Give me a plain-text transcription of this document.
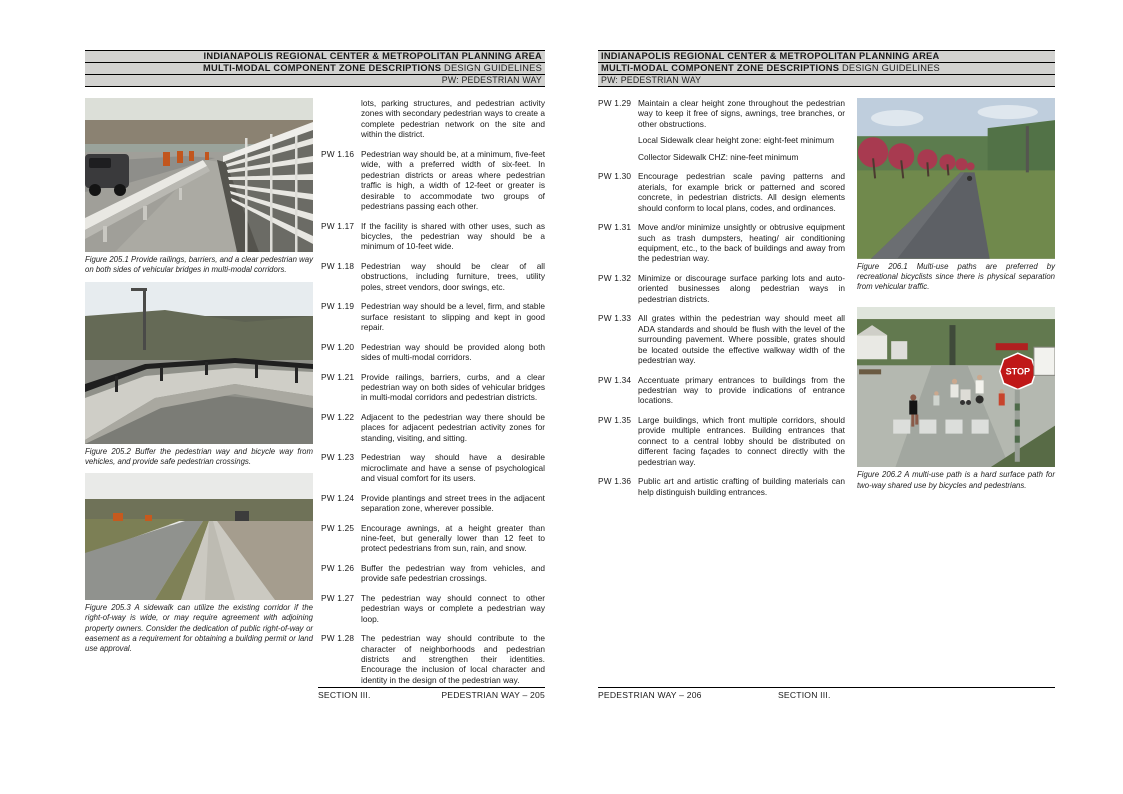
INDIANAPOLIS REGIONAL CENTER & METROPOLITAN PLANNING AREA
MULTI-MODAL COMPONENT ZONE DESCRIPTIONS DESIGN GUIDELINES
PW: PEDESTRIAN WAY
Figure 205.1 Provide railings, barriers, and a clear pedestrian way on both sides of vehicular bridges in multi-modal corridors.
Figure 205.2 Buffer the pedestrian way and bicycle way from vehicles, and provide safe pedestrian crossings.
Figure 205.3 A sidewalk can utilize the existing corridor if the right-of-way is wide, or may require agreement with adjoining property owners. Consider the dedication of public right-of-way or easement as a requirement for obtaining a building permit or land use approval.
lots, parking structures, and pedestrian activity zones with secondary pedestrian ways to create a complete pedestrian network on the site and within the district.
PW 1.16 Pedestrian way should be, at a minimum, five-feet wide, with a preferred width of six-feet. In pedestrian districts or areas where pedestrian traffic is high, a width of 12-feet or greater is desirable to accommodate two groups of pedestrians passing each other.
PW 1.17 If the facility is shared with other uses, such as bicycles, the pedestrian way should be a minimum of 10-feet wide.
PW 1.18 Pedestrian way should be clear of all obstructions, including furniture, trees, utility poles, street vendors, door swings, etc.
PW 1.19 Pedestrian way should be a level, firm, and stable surface resistant to slipping and kept in good repair.
PW 1.20 Pedestrian way should be provided along both sides of multi-modal corridors.
PW 1.21 Provide railings, barriers, curbs, and a clear pedestrian way on both sides of vehicular bridges in multi-modal corridors and pedestrian districts.
PW 1.22 Adjacent to the pedestrian way there should be places for adjacent pedestrian activity zones for standing, visiting, and sitting.
PW 1.23 Pedestrian way should have a desirable microclimate and have a sense of psychological and visual comfort for its users.
PW 1.24 Provide plantings and street trees in the adjacent separation zone, wherever possible.
PW 1.25 Encourage awnings, at a height greater than nine-feet, but generally lower than 12 feet to protect pedestrians from sun, rain, and snow.
PW 1.26 Buffer the pedestrian way from vehicles, and provide safe pedestrian crossings.
PW 1.27 The pedestrian way should connect to other pedestrian ways or complete a pedestrian way loop.
PW 1.28 The pedestrian way should contribute to the character of neighborhoods and pedestrian districts and strengthen their identities. Encourage the inclusion of local character and identity in the design of the pedestrian way.
SECTION III.	PEDESTRIAN WAY – 205
INDIANAPOLIS REGIONAL CENTER & METROPOLITAN PLANNING AREA
MULTI-MODAL COMPONENT ZONE DESCRIPTIONS DESIGN GUIDELINES
PW: PEDESTRIAN WAY
PW 1.29 Maintain a clear height zone throughout the pedestrian way to keep it free of signs, awnings, tree branches, or other obstructions.
Local Sidewalk clear height zone: eight-feet minimum
Collector Sidewalk CHZ: nine-feet minimum
PW 1.30 Encourage pedestrian scale paving patterns and aterials, for example brick or patterned and scored concrete, in pedestrian districts. All design elements should conform to local plans, codes, and ordinances.
PW 1.31 Move and/or minimize unsightly or obtrusive equipment such as trash dumpsters, heating/ air conditioning equipment, etc., to the back of buildings and away from the pedestrian way.
PW 1.32 Minimize or discourage surface parking lots and auto-oriented businesses along pedestrian ways in pedestrian districts.
PW 1.33 All grates within the pedestrian way should meet all ADA standards and should be flush with the level of the surrounding pavement. Where possible, grates should be located outside the effective walkway width of the pedestrian way.
PW 1.34 Accentuate primary entrances to buildings from the pedestrian way to provide indications of entrance locations.
PW 1.35 Large buildings, which front multiple corridors, should provide multiple entrances. Building entrances that connect to a central lobby should be distributed on different facing façades to connect directly with the pedestrian way.
PW 1.36 Public art and artistic crafting of building materials can help distinguish building entrances.
Figure 206.1 Multi-use paths are preferred by recreational bicyclists since there is physical separation from vehicular traffic.
STOP
Figure 206.2 A multi-use path is a hard surface path for two-way shared use by bicycles and pedestrians.
PEDESTRIAN WAY – 206	SECTION III.
